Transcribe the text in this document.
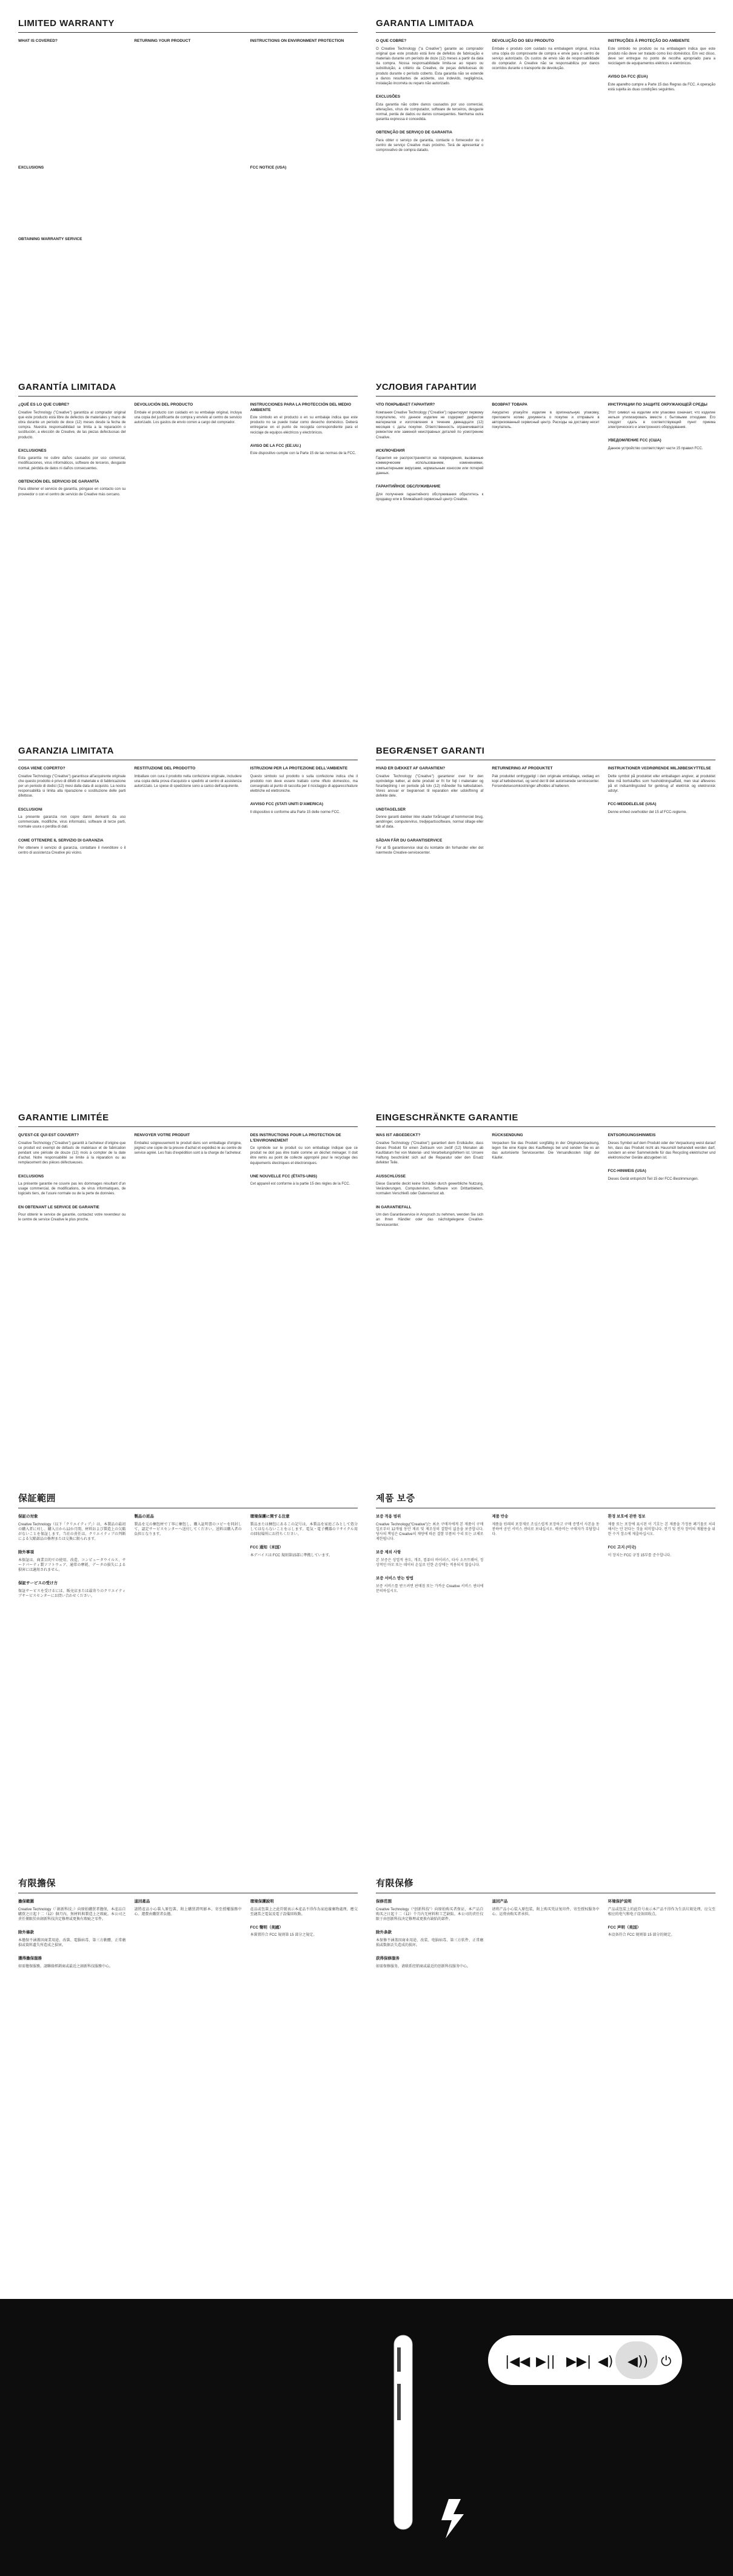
LIMITED WARRANTY
WHAT IS COVERED?
EXCLUSIONS
OBTAINING WARRANTY SERVICE
RETURNING YOUR PRODUCT	INSTRUCTIONS ON ENVIRONMENT PROTECTION
FCC NOTICE (USA)
GARANTIA LIMITADA
O QUE COBRE?
O Creative Technology ("a Creative") garante ao comprador original que este produto está livre de defeitos de fabricação e materiais durante um período de doze (12) meses a partir da data da compra. Nossa responsabilidade limita-se ao reparo ou substituição, a critério da Creative, de peças defeituosas do produto durante o período coberto. Esta garantia não se estende a danos resultantes de acidente, uso indevido, negligência, instalação incorreta ou reparo não autorizado.
EXCLUSÕES
Esta garantia não cobre danos causados por uso comercial, alterações, vírus de computador, software de terceiros, desgaste normal, perda de dados ou danos consequentes. Nenhuma outra garantia expressa é concedida.
OBTENÇÃO DE SERVIÇO DE GARANTIA
Para obter o serviço de garantia, contacte o fornecedor ou o centro de serviço Creative mais próximo. Terá de apresentar o comprovativo de compra datado.
DEVOLUÇÃO DO SEU PRODUTO
Embale o produto com cuidado na embalagem original, inclua uma cópia do comprovante de compra e envie para o centro de serviço autorizado. Os custos de envio são de responsabilidade do comprador. A Creative não se responsabiliza por danos ocorridos durante o transporte de devolução.
INSTRUÇÕES À PROTEÇÃO DO AMBIENTE
Este símbolo no produto ou na embalagem indica que este produto não deve ser tratado como lixo doméstico. Em vez disso, deve ser entregue no ponto de recolha apropriado para a reciclagem de equipamentos elétricos e eletrónicos.
AVISO DA FCC (EUA)
Este aparelho cumpre a Parte 15 das Regras da FCC. A operação está sujeita às duas condições seguintes.
GARANTÍA LIMITADA
¿QUÉ ES LO QUE CUBRE?
Creative Technology ("Creative") garantiza al comprador original que este producto está libre de defectos de materiales y mano de obra durante un período de doce (12) meses desde la fecha de compra. Nuestra responsabilidad se limita a la reparación o sustitución, a elección de Creative, de las piezas defectuosas del producto.
EXCLUSIONES
Esta garantía no cubre daños causados por uso comercial, modificaciones, virus informáticos, software de terceros, desgaste normal, pérdida de datos ni daños consecuentes.
OBTENCIÓN DEL SERVICIO DE GARANTÍA
Para obtener el servicio de garantía, póngase en contacto con su proveedor o con el centro de servicio de Creative más cercano.
DEVOLUCIÓN DEL PRODUCTO
Embale el producto con cuidado en su embalaje original, incluya una copia del justificante de compra y envíelo al centro de servicio autorizado. Los gastos de envío corren a cargo del comprador.
INSTRUCCIONES PARA LA PROTECCIÓN DEL MEDIO AMBIENTE
Este símbolo en el producto o en su embalaje indica que este producto no se puede tratar como desecho doméstico. Deberá entregarse en el punto de recogida correspondiente para el reciclaje de equipos eléctricos y electrónicos.
AVISO DE LA FCC (EE.UU.)
Este dispositivo cumple con la Parte 15 de las normas de la FCC.
УСЛОВИЯ ГАРАНТИИ
ЧТО ПОКРЫВАЕТ ГАРАНТИЯ?
Компания Creative Technology ("Creative") гарантирует первому покупателю, что данное изделие не содержит дефектов материалов и изготовления в течение двенадцати (12) месяцев с даты покупки. Ответственность ограничивается ремонтом или заменой неисправных деталей по усмотрению Creative.
ИСКЛЮЧЕНИЯ
Гарантия не распространяется на повреждения, вызванные коммерческим использованием, изменениями, компьютерными вирусами, нормальным износом или потерей данных.
ГАРАНТИЙНОЕ ОБСЛУЖИВАНИЕ
Для получения гарантийного обслуживания обратитесь к продавцу или в ближайший сервисный центр Creative.
ВОЗВРАТ ТОВАРА
Аккуратно упакуйте изделие в оригинальную упаковку, приложите копию документа о покупке и отправьте в авторизованный сервисный центр. Расходы на доставку несет покупатель.
ИНСТРУКЦИИ ПО ЗАЩИТЕ ОКРУЖАЮЩЕЙ СРЕДЫ
Этот символ на изделии или упаковке означает, что изделие нельзя утилизировать вместе с бытовыми отходами. Его следует сдать в соответствующий пункт приема электрического и электронного оборудования.
УВЕДОМЛЕНИЕ FCC (США)
Данное устройство соответствует части 15 правил FCC.
GARANZIA LIMITATA
COSA VIENE COPERTO?
Creative Technology ("Creative") garantisce all'acquirente originale che questo prodotto è privo di difetti di materiale e di fabbricazione per un periodo di dodici (12) mesi dalla data di acquisto. La nostra responsabilità si limita alla riparazione o sostituzione delle parti difettose.
ESCLUSIONI
La presente garanzia non copre danni derivanti da uso commerciale, modifiche, virus informatici, software di terze parti, normale usura o perdita di dati.
COME OTTENERE IL SERVIZIO DI GARANZIA
Per ottenere il servizio di garanzia, contattare il rivenditore o il centro di assistenza Creative più vicino.
RESTITUZIONE DEL PRODOTTO
Imballare con cura il prodotto nella confezione originale, includere una copia della prova d'acquisto e spedirlo al centro di assistenza autorizzato. Le spese di spedizione sono a carico dell'acquirente.
ISTRUZIONI PER LA PROTEZIONE DELL'AMBIENTE
Questo simbolo sul prodotto o sulla confezione indica che il prodotto non deve essere trattato come rifiuto domestico, ma consegnato al punto di raccolta per il riciclaggio di apparecchiature elettriche ed elettroniche.
AVVISO FCC (STATI UNITI D'AMERICA)
Il dispositivo è conforme alla Parte 15 delle norme FCC.
BEGRÆNSET GARANTI
HVAD ER DÆKKET AF GARANTIEN?
Creative Technology ("Creative") garanterer over for den oprindelige køber, at dette produkt er fri for fejl i materialer og forarbejdning i en periode på tolv (12) måneder fra købsdatoen. Vores ansvar er begrænset til reparation eller udskiftning af defekte dele.
UNDTAGELSER
Denne garanti dækker ikke skader forårsaget af kommerciel brug, ændringer, computervirus, tredjepartssoftware, normal slitage eller tab af data.
SÅDAN FÅR DU GARANTISERVICE
For at få garantiservice skal du kontakte din forhandler eller det nærmeste Creative-servicecenter.
RETURNERING AF PRODUKTET
Pak produktet omhyggeligt i den originale emballage, vedlæg en kopi af købsbeviset, og send det til det autoriserede servicecenter. Forsendelsesomkostninger afholdes af køberen.
INSTRUKTIONER VEDRØRENDE MILJØBESKYTTELSE
Dette symbol på produktet eller emballagen angiver, at produktet ikke må bortskaffes som husholdningsaffald, men skal afleveres på et indsamlingssted for genbrug af elektrisk og elektronisk udstyr.
FCC-MEDDELELSE (USA)
Denne enhed overholder del 15 af FCC-reglerne.
GARANTIE LIMITÉE
QU'EST-CE QUI EST COUVERT?
Creative Technology ("Creative") garantit à l'acheteur d'origine que ce produit est exempt de défauts de matériaux et de fabrication pendant une période de douze (12) mois à compter de la date d'achat. Notre responsabilité se limite à la réparation ou au remplacement des pièces défectueuses.
EXCLUSIONS
La présente garantie ne couvre pas les dommages résultant d'un usage commercial, de modifications, de virus informatiques, de logiciels tiers, de l'usure normale ou de la perte de données.
EN OBTENANT LE SERVICE DE GARANTIE
Pour obtenir le service de garantie, contactez votre revendeur ou le centre de service Creative le plus proche.
RENVOYER VOTRE PRODUIT
Emballez soigneusement le produit dans son emballage d'origine, joignez une copie de la preuve d'achat et expédiez-le au centre de service agréé. Les frais d'expédition sont à la charge de l'acheteur.
DES INSTRUCTIONS POUR LA PROTECTION DE L'ENVIRONNEMENT
Ce symbole sur le produit ou son emballage indique que ce produit ne doit pas être traité comme un déchet ménager. Il doit être remis au point de collecte approprié pour le recyclage des équipements électriques et électroniques.
UNE NOUVELLE FCC (ÉTATS-UNIS)
Cet appareil est conforme à la partie 15 des règles de la FCC.
EINGESCHRÄNKTE GARANTIE
WAS IST ABGEDECKT?
Creative Technology ("Creative") garantiert dem Erstkäufer, dass dieses Produkt für einen Zeitraum von zwölf (12) Monaten ab Kaufdatum frei von Material- und Verarbeitungsfehlern ist. Unsere Haftung beschränkt sich auf die Reparatur oder den Ersatz defekter Teile.
AUSSCHLÜSSE
Diese Garantie deckt keine Schäden durch gewerbliche Nutzung, Veränderungen, Computerviren, Software von Drittanbietern, normalen Verschleiß oder Datenverlust ab.
IN GARANTIEFALL
Um den Garantieservice in Anspruch zu nehmen, wenden Sie sich an Ihren Händler oder das nächstgelegene Creative-Servicecenter.
RÜCKSENDUNG
Verpacken Sie das Produkt sorgfältig in der Originalverpackung, legen Sie eine Kopie des Kaufbelegs bei und senden Sie es an das autorisierte Servicecenter. Die Versandkosten trägt der Käufer.
ENTSORGUNGSHINWEIS
Dieses Symbol auf dem Produkt oder der Verpackung weist darauf hin, dass das Produkt nicht als Hausmüll behandelt werden darf, sondern an einer Sammelstelle für das Recycling elektrischer und elektronischer Geräte abzugeben ist.
FCC-HINWEIS (USA)
Dieses Gerät entspricht Teil 15 der FCC-Bestimmungen.
保証範囲
保証の対象
Creative Technology（以下「クリエイティブ」）は、本製品の最初の購入者に対し、購入日から12か月間、材料および製造上の欠陥がないことを保証します。当社の責任は、クリエイティブの判断による欠陥部品の修理または交換に限られます。
除外事項
本保証は、商業目的での使用、改造、コンピュータウイルス、サードパーティ製ソフトウェア、通常の摩耗、データの損失による損害には適用されません。
保証サービスの受け方
保証サービスを受けるには、販売店または最寄りのクリエイティブサービスセンターにお問い合わせください。
製品の返品
製品を元の梱包材で丁寧に梱包し、購入証明書のコピーを同封して、認定サービスセンターへ送付してください。送料は購入者の負担となります。
環境保護に関する注意
製品または梱包にあるこの記号は、本製品を家庭ごみとして処分してはならないことを示します。電気・電子機器のリサイクル用の回収場所にお持ちください。
FCC 通知（米国）
本デバイスは FCC 規則第15部に準拠しています。
제품 보증
보증 적용 범위
Creative Technology("Creative")는 최초 구매자에게 본 제품이 구매일로부터 12개월 동안 재료 및 제조상의 결함이 없음을 보증합니다. 당사의 책임은 Creative의 재량에 따른 결함 부품의 수리 또는 교체로 제한됩니다.
보증 제외 사항
본 보증은 상업적 용도, 개조, 컴퓨터 바이러스, 타사 소프트웨어, 정상적인 마모 또는 데이터 손실로 인한 손상에는 적용되지 않습니다.
보증 서비스 받는 방법
보증 서비스를 받으려면 판매점 또는 가까운 Creative 서비스 센터에 문의하십시오.
제품 반송
제품을 원래의 포장재로 조심스럽게 포장하고 구매 증명서 사본을 동봉하여 공인 서비스 센터로 보내십시오. 배송비는 구매자가 부담합니다.
환경 보호에 관한 정보
제품 또는 포장에 표시된 이 기호는 본 제품을 가정용 폐기물로 처리해서는 안 된다는 것을 의미합니다. 전기 및 전자 장비의 재활용을 위한 수거 장소에 제출하십시오.
FCC 고지 (미국)
이 장치는 FCC 규정 15부를 준수합니다.
有限擔保
擔保範圍
Creative Technology（「創新科技」）向原始購買者擔保，本產品自購買之日起十二（12）個月內，無材料與製造上之瑕疵。本公司之責任僅限於由創新科技決定修理或更換有瑕疵之零件。
除外條款
本擔保不涵蓋因商業用途、改裝、電腦病毒、第三方軟體、正常磨損或資料遺失所造成之損害。
獲得擔保服務
如需擔保服務，請聯絡經銷商或最近之創新科技服務中心。
退回產品
請將產品小心裝入原包裝，附上購買證明影本，寄至授權服務中心。運費由購買者負擔。
環境保護說明
產品或包裝上之此符號表示本產品不得作為家庭廢棄物處理，應交至適當之電氣及電子設備回收點。
FCC 聲明（美國）
本裝置符合 FCC 規則第 15 部分之規定。
有限保修
保修范围
Creative Technology（“创新科技”）向原始购买者保证，本产品自购买之日起十二（12）个月内无材料和工艺缺陷。本公司的责任仅限于由创新科技决定修理或更换有缺陷的部件。
除外条款
本保修不涵盖因商业用途、改装、电脑病毒、第三方软件、正常磨损或数据丢失造成的损坏。
获得保修服务
如需保修服务，请联系经销商或最近的创新科技服务中心。
退回产品
请将产品小心装入原包装，附上购买凭证复印件，寄至授权服务中心。运费由购买者承担。
环境保护说明
产品或包装上的此符号表示本产品不得作为生活垃圾处理，应交至相应的电气和电子设备回收点。
FCC 声明（美国）
本设备符合 FCC 规则第 15 部分的规定。
|◀◀ ▶|| ▶▶| ◀) ◀)) ⏻
